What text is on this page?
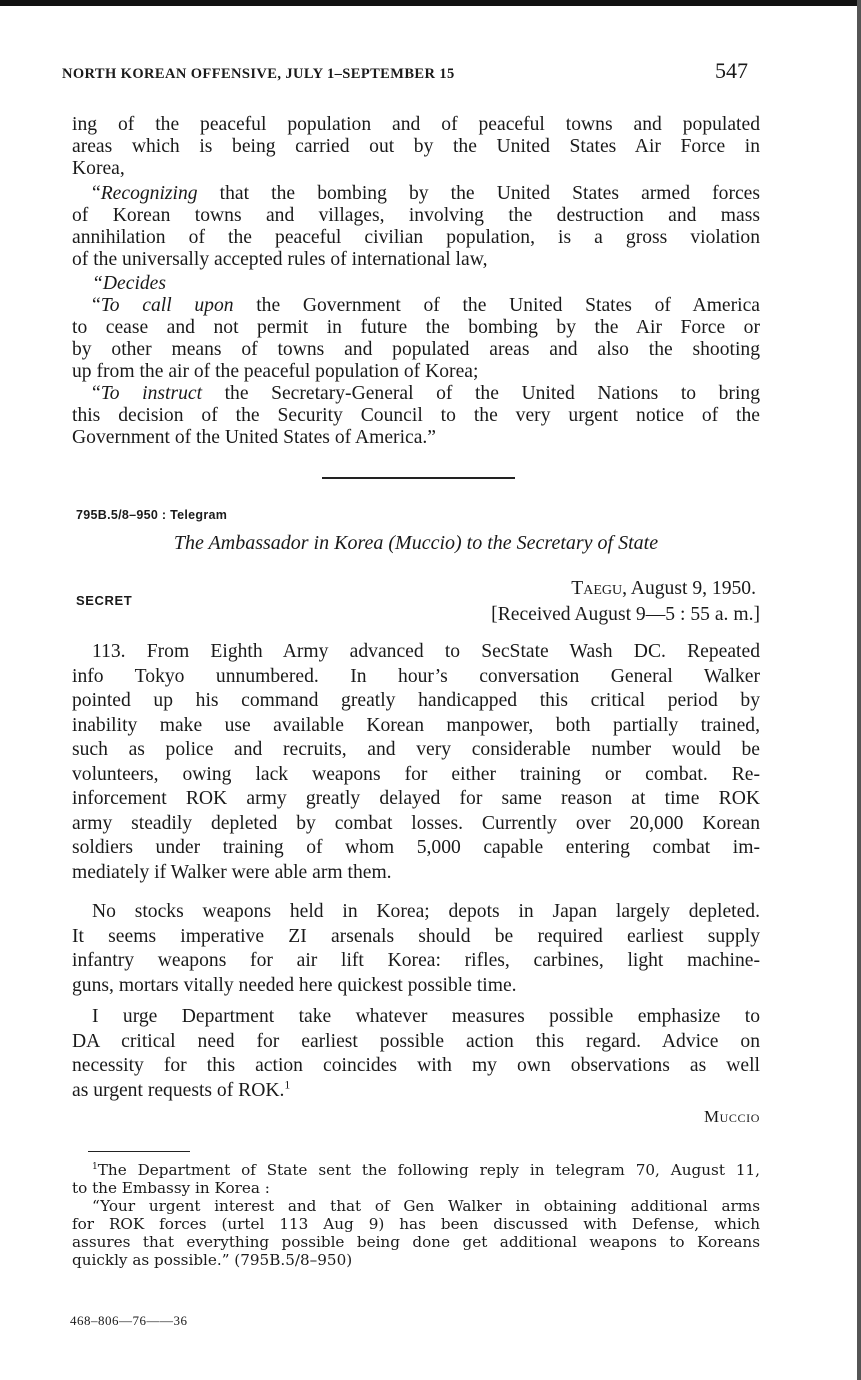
NORTH KOREAN OFFENSIVE, JULY 1–SEPTEMBER 15	547
ing of the peaceful population and of peaceful towns and populated
areas which is being carried out by the United States Air Force in
Korea,
“Recognizing that the bombing by the United States armed forces
of Korean towns and villages, involving the destruction and mass
annihilation of the peaceful civilian population, is a gross violation
of the universally accepted rules of international law,
“Decides
“To call upon the Government of the United States of America
to cease and not permit in future the bombing by the Air Force or
by other means of towns and populated areas and also the shooting
up from the air of the peaceful population of Korea;
“To instruct the Secretary-General of the United Nations to bring
this decision of the Security Council to the very urgent notice of the
Government of the United States of America.”
795B.5/8–950 : Telegram
The Ambassador in Korea (Muccio) to the Secretary of State
SECRET
Taegu, August 9, 1950.
[Received August 9—5 : 55 a. m.]
113. From Eighth Army advanced to SecState Wash DC. Repeated
info Tokyo unnumbered. In hour’s conversation General Walker
pointed up his command greatly handicapped this critical period by
inability make use available Korean manpower, both partially trained,
such as police and recruits, and very considerable number would be
volunteers, owing lack weapons for either training or combat. Re-
inforcement ROK army greatly delayed for same reason at time ROK
army steadily depleted by combat losses. Currently over 20,000 Korean
soldiers under training of whom 5,000 capable entering combat im-
mediately if Walker were able arm them.
No stocks weapons held in Korea; depots in Japan largely depleted.
It seems imperative ZI arsenals should be required earliest supply
infantry weapons for air lift Korea: rifles, carbines, light machine-
guns, mortars vitally needed here quickest possible time.
I urge Department take whatever measures possible emphasize to
DA critical need for earliest possible action this regard. Advice on
necessity for this action coincides with my own observations as well
as urgent requests of ROK.$^1$
Muccio
$^1$The Department of State sent the following reply in telegram 70, August 11,
to the Embassy in Korea :
“Your urgent interest and that of Gen Walker in obtaining additional arms
for ROK forces (urtel 113 Aug 9) has been discussed with Defense, which
assures that everything possible being done get additional weapons to Koreans
quickly as possible.” (795B.5/8–950)
468–806—76——36
